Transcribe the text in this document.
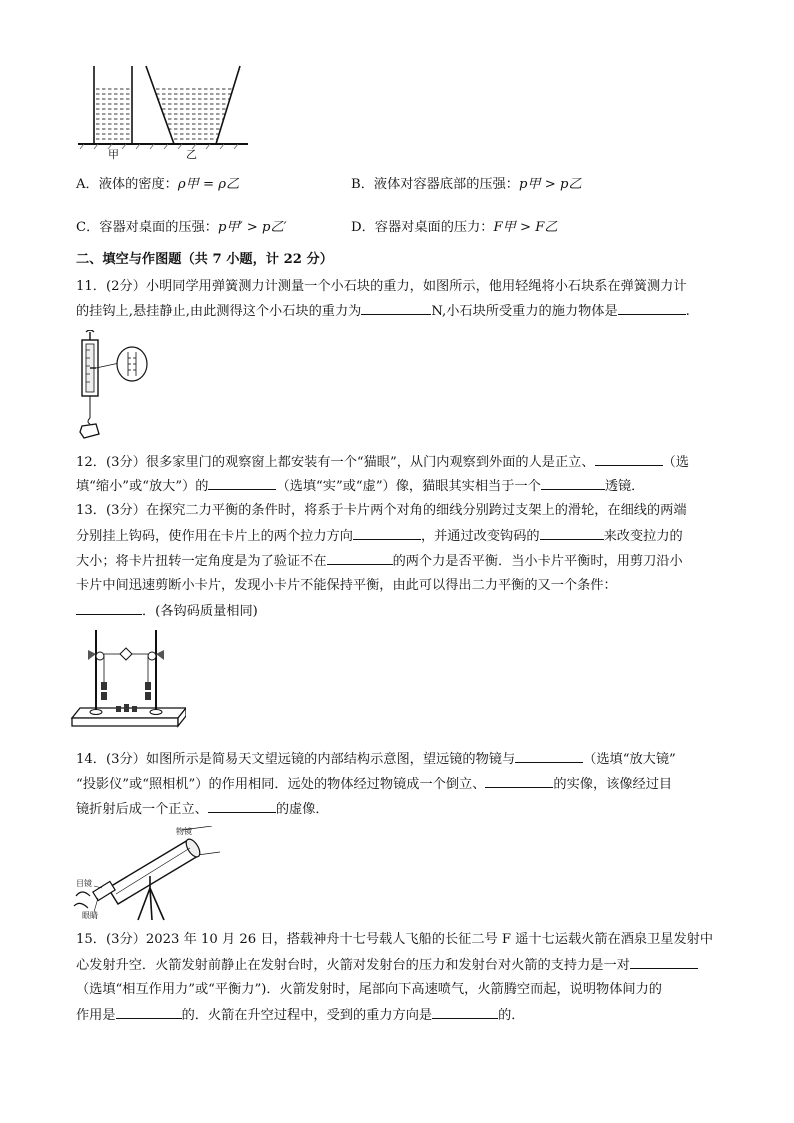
甲	乙
A．液体的密度：ρ甲 = ρ乙	B．液体对容器底部的压强：p甲 > p乙
C．容器对桌面的压强：p甲′ > p乙′	D．容器对桌面的压力：F甲 > F乙
二、填空与作图题（共 7 小题，计 22 分）
11．(2分）小明同学用弹簧测力计测量一个小石块的重力，如图所示，他用轻绳将小石块系在弹簧测力计
的挂钩上,悬挂静止,由此测得这个小石块的重力为	N,小石块所受重力的施力物体是	.
12．(3分）很多家里门的观察窗上都安装有一个“猫眼”，从门内观察到外面的人是正立、	（选
填“缩小”或“放大”）的	（选填“实”或“虚”）像，猫眼其实相当于一个	透镜．
13．(3分）在探究二力平衡的条件时，将系于卡片两个对角的细线分别跨过支架上的滑轮，在细线的两端
分别挂上钩码，使作用在卡片上的两个拉力方向	，并通过改变钩码的	来改变拉力的
大小；将卡片扭转一定角度是为了验证不在	的两个力是否平衡．当小卡片平衡时，用剪刀沿小
卡片中间迅速剪断小卡片，发现小卡片不能保持平衡，由此可以得出二力平衡的又一个条件：
．(各钩码质量相同)
14．(3分）如图所示是简易天文望远镜的内部结构示意图，望远镜的物镜与	（选填“放大镜”
“投影仪”或“照相机”）的作用相同．远处的物体经过物镜成一个倒立、	的实像，该像经过目
镜折射后成一个正立、	的虚像．
物镜
目镜
眼睛
15．(3分）2023 年 10 月 26 日，搭载神舟十七号载人飞船的长征二号 F 遥十七运载火箭在酒泉卫星发射中
心发射升空．火箭发射前静止在发射台时，火箭对发射台的压力和发射台对火箭的支持力是一对
（选填“相互作用力”或“平衡力”)．火箭发射时，尾部向下高速喷气，火箭腾空而起，说明物体间力的
作用是	的．火箭在升空过程中，受到的重力方向是	的．
